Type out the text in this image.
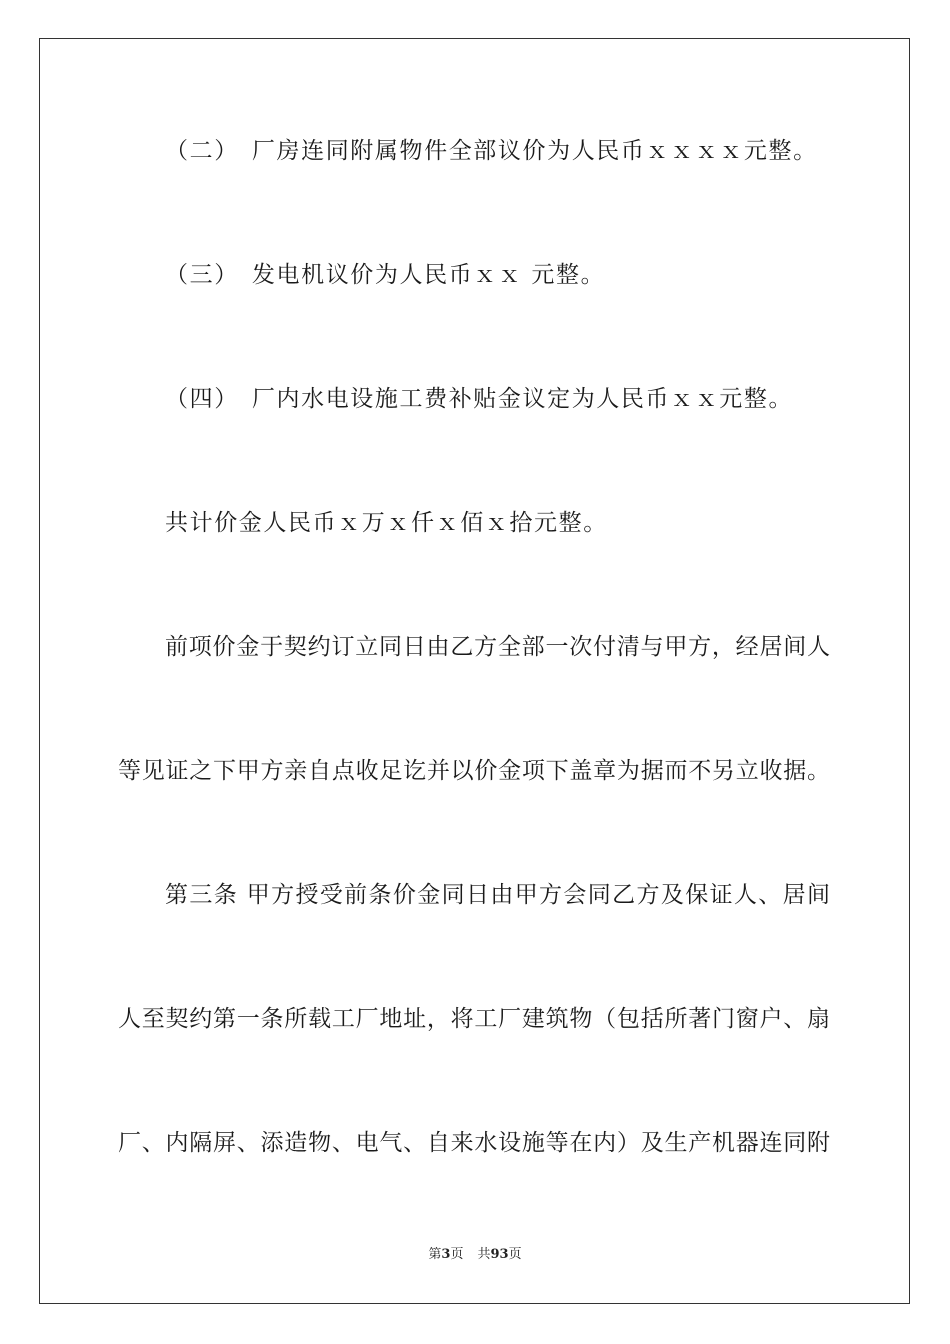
（二）　厂房连同附属物件全部议价为人民币ｘｘｘｘ元整。
（三）　发电机议价为人民币ｘｘ 元整。
（四）　厂内水电设施工费补贴金议定为人民币ｘｘ元整。
共计价金人民币ｘ万ｘ仟ｘ佰ｘ拾元整。
前项价金于契约订立同日由乙方全部一次付清与甲方，经居间人
等见证之下甲方亲自点收足讫并以价金项下盖章为据而不另立收据。
第三条 甲方授受前条价金同日由甲方会同乙方及保证人、居间
人至契约第一条所载工厂地址，将工厂建筑物（包括所著门窗户、扇
厂、内隔屏、添造物、电气、自来水设施等在内）及生产机器连同附
第3页 共93页
